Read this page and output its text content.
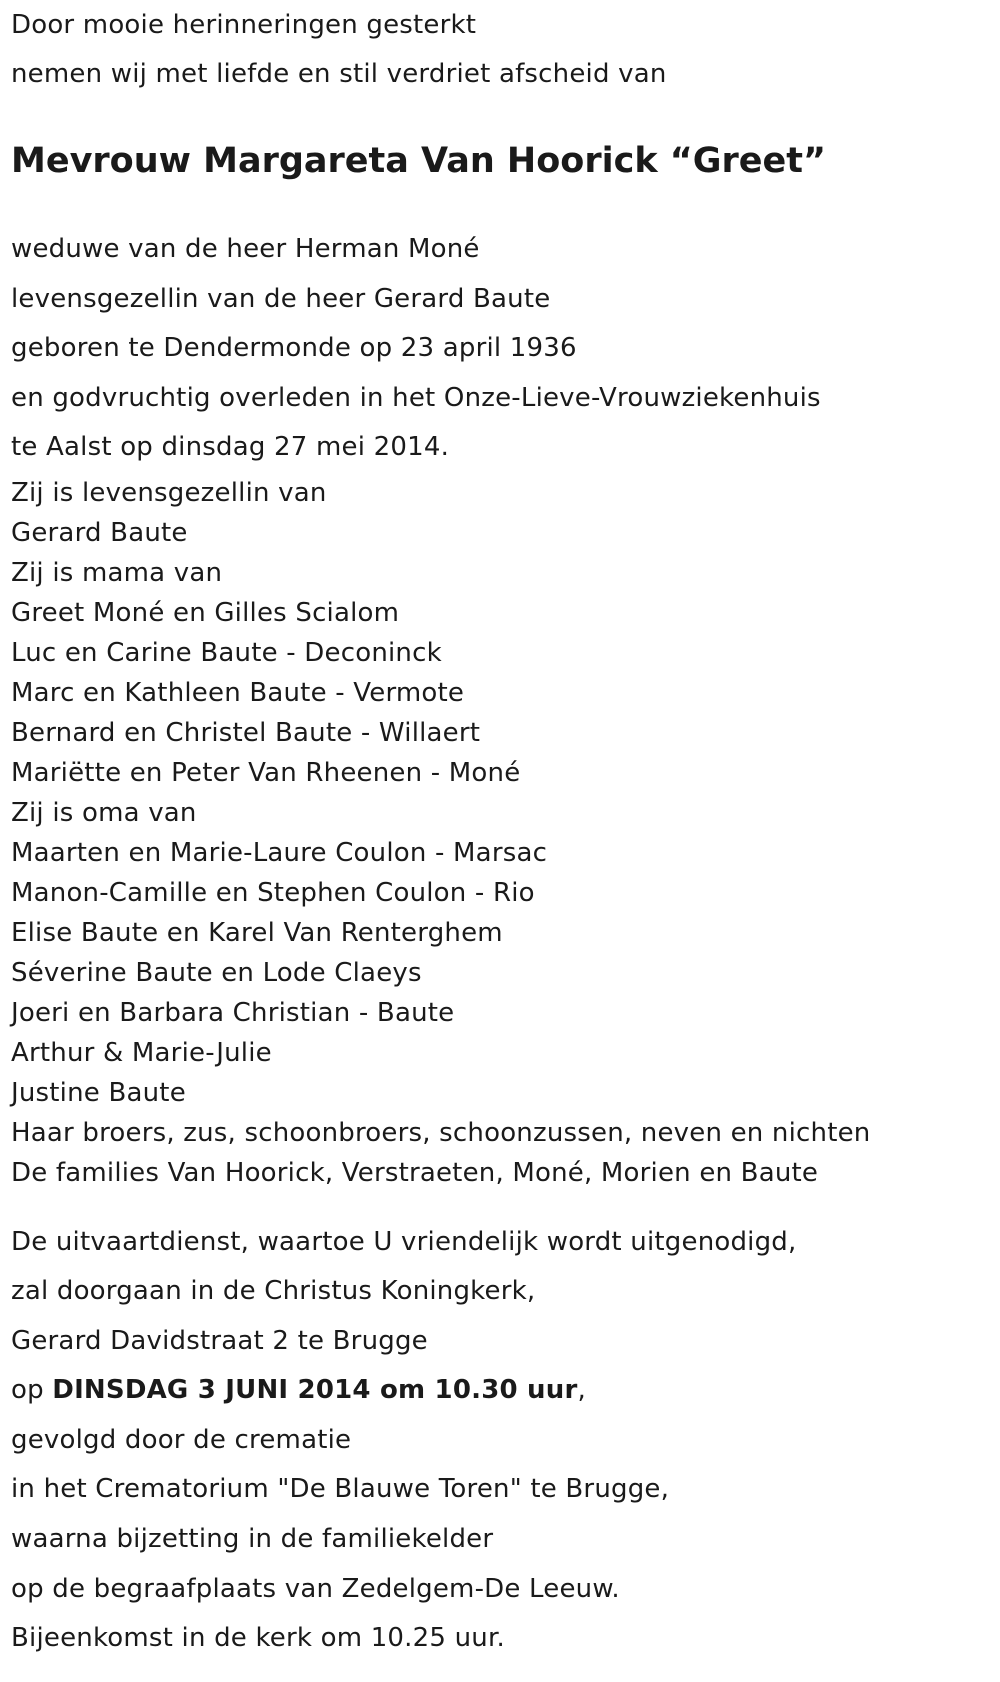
Door mooie herinneringen gesterkt
nemen wij met liefde en stil verdriet afscheid van
Mevrouw Margareta Van Hoorick “Greet”
weduwe van de heer Herman Moné
levensgezellin van de heer Gerard Baute
geboren te Dendermonde op 23 april 1936
en godvruchtig overleden in het Onze-Lieve-Vrouwziekenhuis
te Aalst op dinsdag 27 mei 2014.
Zij is levensgezellin van
Gerard Baute
Zij is mama van
Greet Moné en Gilles Scialom
Luc en Carine Baute - Deconinck
Marc en Kathleen Baute - Vermote
Bernard en Christel Baute - Willaert
Mariëtte en Peter Van Rheenen - Moné
Zij is oma van
Maarten en Marie-Laure Coulon - Marsac
Manon-Camille en Stephen Coulon - Rio
Elise Baute en Karel Van Renterghem
Séverine Baute en Lode Claeys
Joeri en Barbara Christian - Baute
Arthur & Marie-Julie
Justine Baute
Haar broers, zus, schoonbroers, schoonzussen, neven en nichten
De families Van Hoorick, Verstraeten, Moné, Morien en Baute
De uitvaartdienst, waartoe U vriendelijk wordt uitgenodigd,
zal doorgaan in de Christus Koningkerk,
Gerard Davidstraat 2 te Brugge
op DINSDAG 3 JUNI 2014 om 10.30 uur,
gevolgd door de crematie
in het Crematorium "De Blauwe Toren" te Brugge,
waarna bijzetting in de familiekelder
op de begraafplaats van Zedelgem-De Leeuw.
Bijeenkomst in de kerk om 10.25 uur.
